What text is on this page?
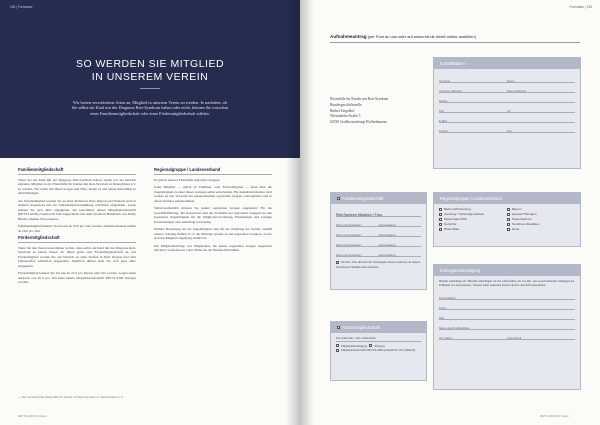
106 | Formulare
SO WERDEN SIE MITGLIED
IN UNSEREM VEREIN
Wir bieten verschiedene Arten an, Mitglied in unserem Verein zu werden. Je nachdem, ob Sie selbst ein Kind mit der Diagnose Rett-Syndrom haben oder nicht, können Sie zwischen einer Familienmitgliedschaft oder einer Fördermitgliedschaft wählen.
Familienmitgliedschaft

Wenn Sie ein Kind mit der Diagnose Rett-Syndrom haben, bieten wir Sie herzlich einladen, Mitglied in der Elternhilfe für Kinder mit Rett-Syndrom in Deutschland e.V. zu werden. Wir teilen mit Ihnen Sorgen und Nöte, bieten es und geben Ratschläge in allen Belangen.

Als Vereinsmitglied werden Sie zu allen Treffen in Ihrer Region (auf Wunsch auch in anderen Regionen) und zur Jahreshauptversammlung schriftlich eingeladen. Gerne können Sie sich aktiv engagieren. Sie bekommen unsere Mitgliederzeitschrift (RETTLAND) zweimal im Jahr zugeschickt. Das Rett-Syndrom Handbuch von Kathy Hunter erhalten Sie kostenlos.

Familienmitglied können Sie bei uns ab 36 € pro Jahr werden. Alleinerziehende zahlen ab 26 € pro Jahr.

Fördermitgliedschaft

Wenn Sie den Verein unterstützen wollen, ohne selbst ein Kind mit der Diagnose Rett-Syndrom zu haben, bieten wir Ihnen gerne eine Fördermitgliedschaft an. Als Fördermitglied werden Sie auf Wunsch zu allen Treffen in Ihrer Region und zum Jahrestreffen schriftlich eingeladen. Natürlich dürfen auch Sie sich gern aktiv engagieren.

Fördermitglied können Sie bei uns ab 24 € pro Person und Jahr werden. Gegen einen Aufpreis von 10 € pro Jahr kann unsere Mitgliederzeitschrift RETTLAND bezogen werden.

Regionalgruppe / Landesverband

Es gibt in unserer Elternhilfe regionale Gruppen.

Jedes Mitglied — gleich ob Familien- oder Fördermitglied — kann über die Zugehörigkeit zu einer dieser Gruppen selbst entscheiden. Für Anmeldeformulare wird sodann an den Vorstand der entsprechenden regionalen Gruppe weitergeleitet und in deren Verteiler aufgenommen.

Selbstverständlich müssen Sie keiner regionalen Gruppe angehören! Für die Geschäftsführung, den Kassenwart und die Vorstände der regionalen Gruppen ist eine kostenlose Zugehörigkeit für die Mitgliederverwaltung, Einladungen und sonstige Postsendungen aber unbedingt notwendig.

Primäre Bedeutung hat die Zugehörigkeit aber für die Zuteilung der Gelder. Gemäß unserer Satzung fließen 25 % der Beiträge jeweils an die regionalen Gruppen, zu der sich das Mitglied zugehörig erklärt hat.

Die Mitgliedsbeiträge von Mitgliedern, die keiner regionalen Gruppe angehören möchten, verbleiben in voller Höhe bei der Bundes-Elternhilfe.

— Der Vorstand der Elternhilfe für Kinder mit Rett-Syndrom in Deutschland e.V.
RETTLAND 06 | Verein
Formulare | 105
Aufnahmeantrag (per Post an uns oder auf www.rett.de direkt online ausfüllen)
Elternhilfe für Kinder mit Rett-Syndrom
Bundesgeschäftsstelle
Bärbel Ziegelhof
Wiesaubehn Straße 5
63538 Großkrotzenburg-Wolfsehmaum
Kontaktdaten
Vorname	Name
Vorname (Partner)	Name (Partner)
Straße
PLZ	Ort
E-Mail
Telefon	Fax
Familienmitgliedschaft
Rett-Syndrom Mädchen / Frau:
Name (Geschwister)	Geburtsdatum
Name (Geschwister)	Geburtsdatum
Name (Geschwister)	Geburtsdatum
Name (Geschwister)	Geburtsdatum
Ich bin / Wir sind mit der Weitergabe unserer Adresse an andere betroffene Familien einverstanden.
Regionalgruppe / Landesverband
Baden-Württemberg	Bayern
Hamburg / Schleswig-Holstein	Hessen/Thüringen
Mosel-Saar-Pfalz	Niedersachsen
Nord-Ost	Nordrhein-Westfalen
Rhein-Main	keine
Einzugsermächtigung
Hiermit ermächtige ich / Hiermit ermächtigen wir Sie widerruflich, die von mir / uns zu entrichtenden Zahlungen bei Fälligkeit zu Lasten meines / unseres unten stehenden Kontos durch Lastschrift einzuziehen.
Kontoinhaber
Konto
BLZ
Name des Kreditinstituts
Ort, Datum	Unterschrift
Fördermitgliedschaft
Ich wünsche / Wir wünschen:
Mitgliedsbestätigung Infopost
Mitgliederzeitschrift RETTLAND (zusätzlich 10 € jährlich)
RETTLAND 06 | Verein
